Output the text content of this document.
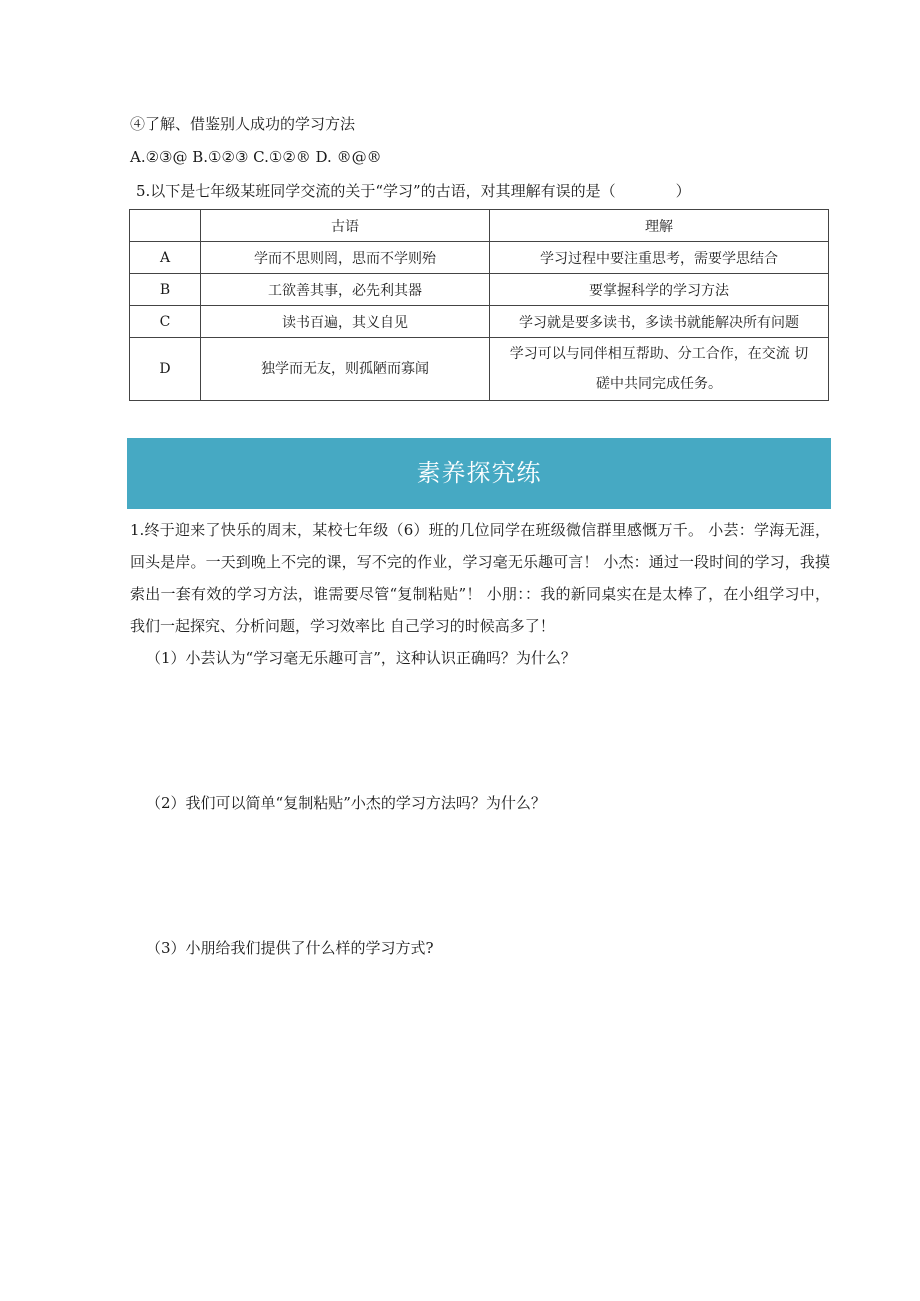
④了解、借鉴别人成功的学习方法
A.②③@ B.①②③ C.①②® D. ®@®
5.以下是七年级某班同学交流的关于“学习”的古语，对其理解有误的是（　　　　）
	古语	理解
A	学而不思则罔，思而不学则殆	学习过程中要注重思考，需要学思结合
B	工欲善其事，必先利其器	要掌握科学的学习方法
C	读书百遍，其义自见	学习就是要多读书，多读书就能解决所有问题
D	独学而无友，则孤陋而寡闻	学习可以与同伴相互帮助、分工合作，在交流 切
磋中共同完成任务。
素养探究练
1.终于迎来了快乐的周末，某校七年级（6）班的几位同学在班级微信群里感慨万千。 小芸：学海无涯，回头是岸。一天到晚上不完的课，写不完的作业，学习毫无乐趣可言！ 小杰：通过一段时间的学习，我摸索出一套有效的学习方法，谁需要尽管“复制粘贴”！ 小朋：：我的新同桌实在是太棒了，在小组学习中，我们一起探究、分析问题，学习效率比 自己学习的时候高多了！
（1）小芸认为“学习毫无乐趣可言”，这种认识正确吗？为什么？
（2）我们可以简单“复制粘贴”小杰的学习方法吗？为什么？
（3）小朋给我们提供了什么样的学习方式?
